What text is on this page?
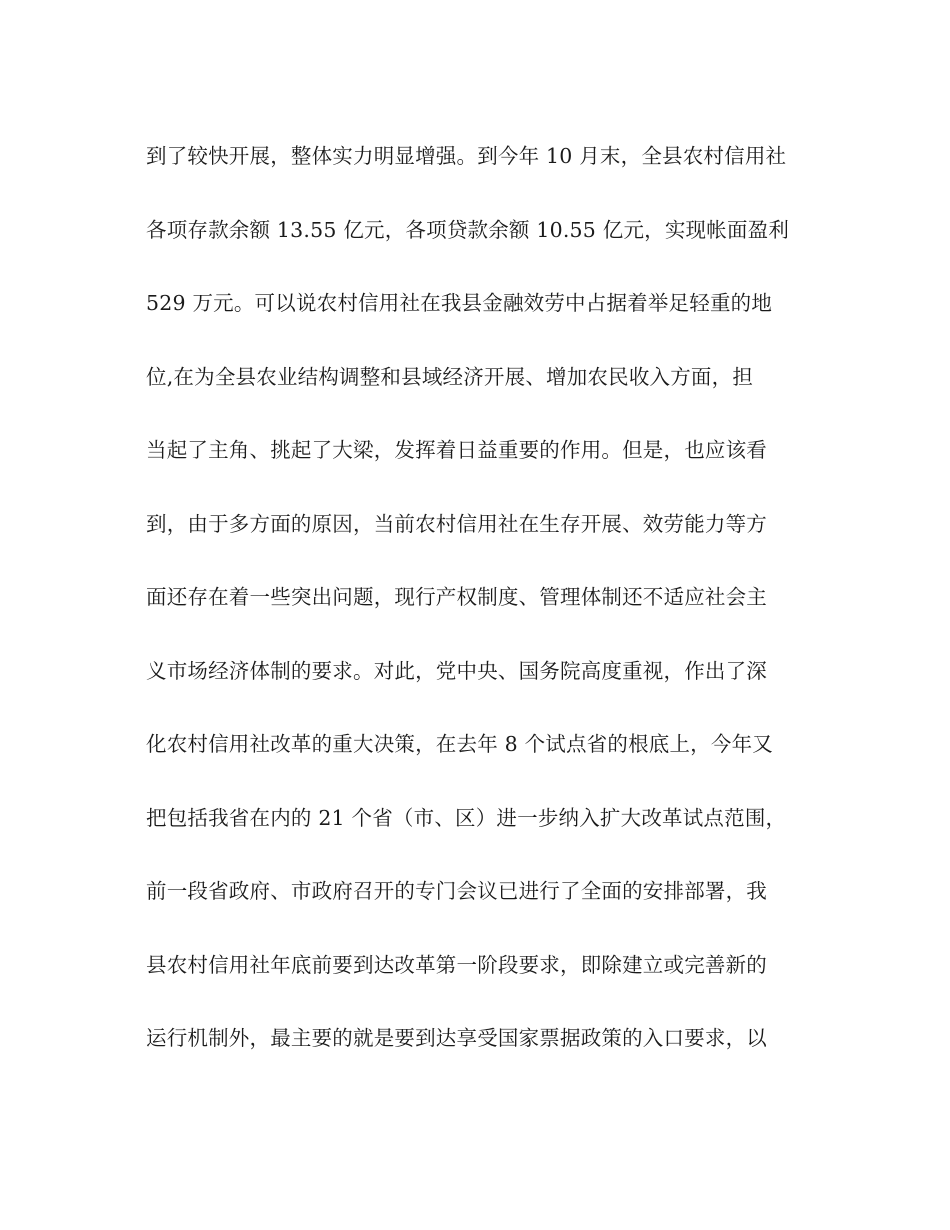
到了较快开展，整体实力明显增强。到今年 10 月末，全县农村信用社
各项存款余额 13.55 亿元，各项贷款余额 10.55 亿元，实现帐面盈利
529 万元。可以说农村信用社在我县金融效劳中占据着举足轻重的地
位,在为全县农业结构调整和县域经济开展、增加农民收入方面，担
当起了主角、挑起了大梁，发挥着日益重要的作用。但是，也应该看
到，由于多方面的原因，当前农村信用社在生存开展、效劳能力等方
面还存在着一些突出问题，现行产权制度、管理体制还不适应社会主
义市场经济体制的要求。对此，党中央、国务院高度重视，作出了深
化农村信用社改革的重大决策，在去年 8 个试点省的根底上，今年又
把包括我省在内的 21 个省（市、区）进一步纳入扩大改革试点范围，
前一段省政府、市政府召开的专门会议已进行了全面的安排部署，我
县农村信用社年底前要到达改革第一阶段要求，即除建立或完善新的
运行机制外，最主要的就是要到达享受国家票据政策的入口要求，以
